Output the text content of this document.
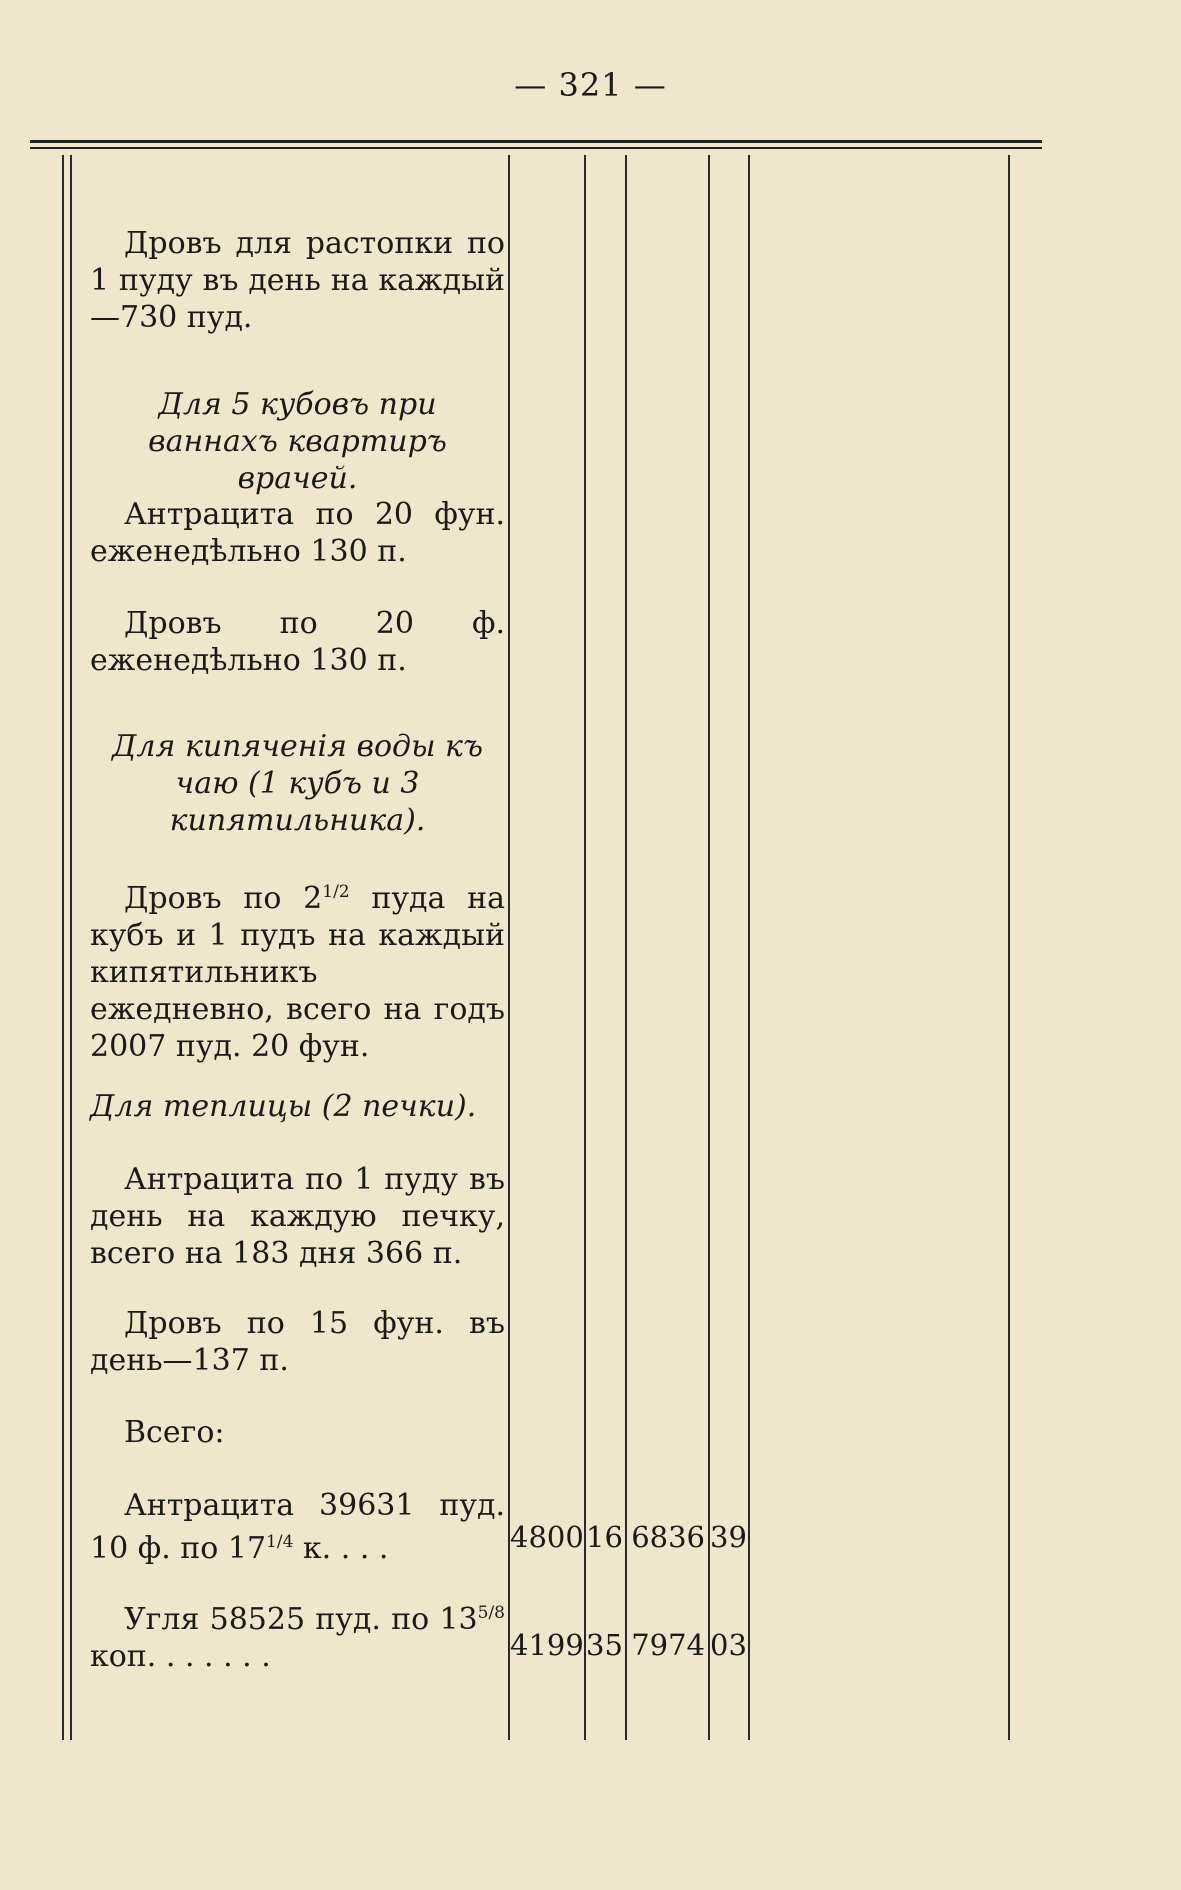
— 321 —
Дровъ для растопки по 1 пуду въ день на каждый —730 пуд.
Для 5 кубовъ при ваннахъ квартиръ врачей.
Антрацита по 20 фун. еженедѣльно 130 п.
Дровъ по 20 ф. еженедѣльно 130 п.
Для кипяченія воды къ чаю (1 кубъ и 3 кипятильника).
Дровъ по $2^{1/2}$ пуда на кубъ и 1 пудъ на каждый кипятильникъ ежедневно, всего на годъ 2007 пуд. 20 фун.
Для теплицы (2 печки).
Антрацита по 1 пуду въ день на каждую печку, всего на 183 дня 366 п.
Дровъ по 15 фун. въ день—137 п.
Всего:
Антрацита 39631 пуд. 10 ф. по $17^{1/4}$ к. . . .	4800 16 6836 39
Угля 58525 пуд. по $13^{5/8}$ коп. . . . . . .	4199 35 7974 03
